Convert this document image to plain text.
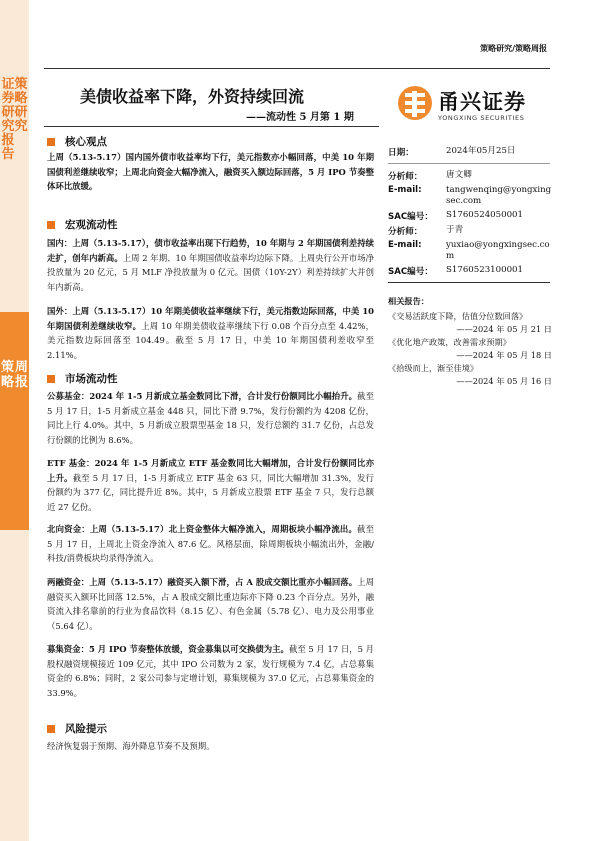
证券研究报告
策略研究
策略
周报
策略研究/策略周报
美债收益率下降，外资持续回流
——流动性 5 月第 1 期
甬兴证券
YONGXING SECURITIES
核心观点
上周（5.13-5.17）国内国外债市收益率均下行，美元指数亦小幅回落，中美 10 年期国债利差继续收窄；上周北向资金大幅净流入，融资买入额边际回落，5 月 IPO 节奏整体环比放缓。
宏观流动性
国内：上周（5.13-5.17），债市收益率出现下行趋势，10 年期与 2 年期国债利差持续走扩，创年内新高。上周 2 年期、10 年期国债收益率均边际下降。上周央行公开市场净投放量为 20 亿元，5 月 MLF 净投放量为 0 亿元。国债（10Y-2Y）利差持续扩大并创年内新高。
国外：上周（5.13-5.17）10 年期美债收益率继续下行，美元指数边际回落，中美 10 年期国债利差继续收窄。上周 10 年期美债收益率继续下行 0.08 个百分点至 4.42%，美元指数边际回落至 104.49。截至 5 月 17 日，中美 10 年期国债利差收窄至 2.11%。
市场流动性
公募基金：2024 年 1-5 月新成立基金数同比下滑，合计发行份额同比小幅抬升。截至 5 月 17 日，1-5 月新成立基金 448 只，同比下滑 9.7%，发行份额约为 4208 亿份，同比上行 4.0%。其中，5 月新成立股票型基金 18 只，发行总额约 31.7 亿份，占总发行份额的比例为 8.6%。
ETF 基金：2024 年 1-5 月新成立 ETF 基金数同比大幅增加，合计发行份额同比亦上升。截至 5 月 17 日，1-5 月新成立 ETF 基金 63 只，同比大幅增加 31.3%，发行份额约为 377 亿，同比提升近 8%。其中，5 月新成立股票 ETF 基金 7 只，发行总额近 27 亿份。
北向资金：上周（5.13-5.17）北上资金整体大幅净流入，周期板块小幅净流出。截至 5 月 17 日，上周北上资金净流入 87.6 亿。风格层面，除周期板块小幅流出外，金融/科技/消费板块均录得净流入。
两融资金：上周（5.13-5.17）融资买入额下滑，占 A 股成交额比重亦小幅回落。上周融资买入额环比回落 12.5%，占 A 股成交额比重边际亦下降 0.23 个百分点。另外，融资流入排名靠前的行业为食品饮料（8.15 亿）、有色金属（5.78 亿）、电力及公用事业（5.64 亿）。
募集资金：5 月 IPO 节奏整体放缓，资金募集以可交换债为主。截至 5 月 17 日，5 月股权融资规模接近 109 亿元，其中 IPO 公司数为 2 家，发行规模为 7.4 亿，占总募集资金的 6.8%；同时，2 家公司参与定增计划，募集规模为 37.0 亿元，占总募集资金的 33.9%。
风险提示
经济恢复弱于预期、海外降息节奏不及预期。
日期：	2024年05月25日
分析师：	唐文卿
E-mail:	tangwenqing@yongxingsec.com
SAC编号：	S1760524050001
分析师：	于青
E-mail:	yuxiao@yongxingsec.com
SAC编号：	S1760523100001
相关报告：
《交易活跃度下降，估值分位数回落》
——2024 年 05 月 21 日
《优化地产政策，改善需求预期》
——2024 年 05 月 18 日
《拾级而上，渐至佳境》
——2024 年 05 月 16 日
